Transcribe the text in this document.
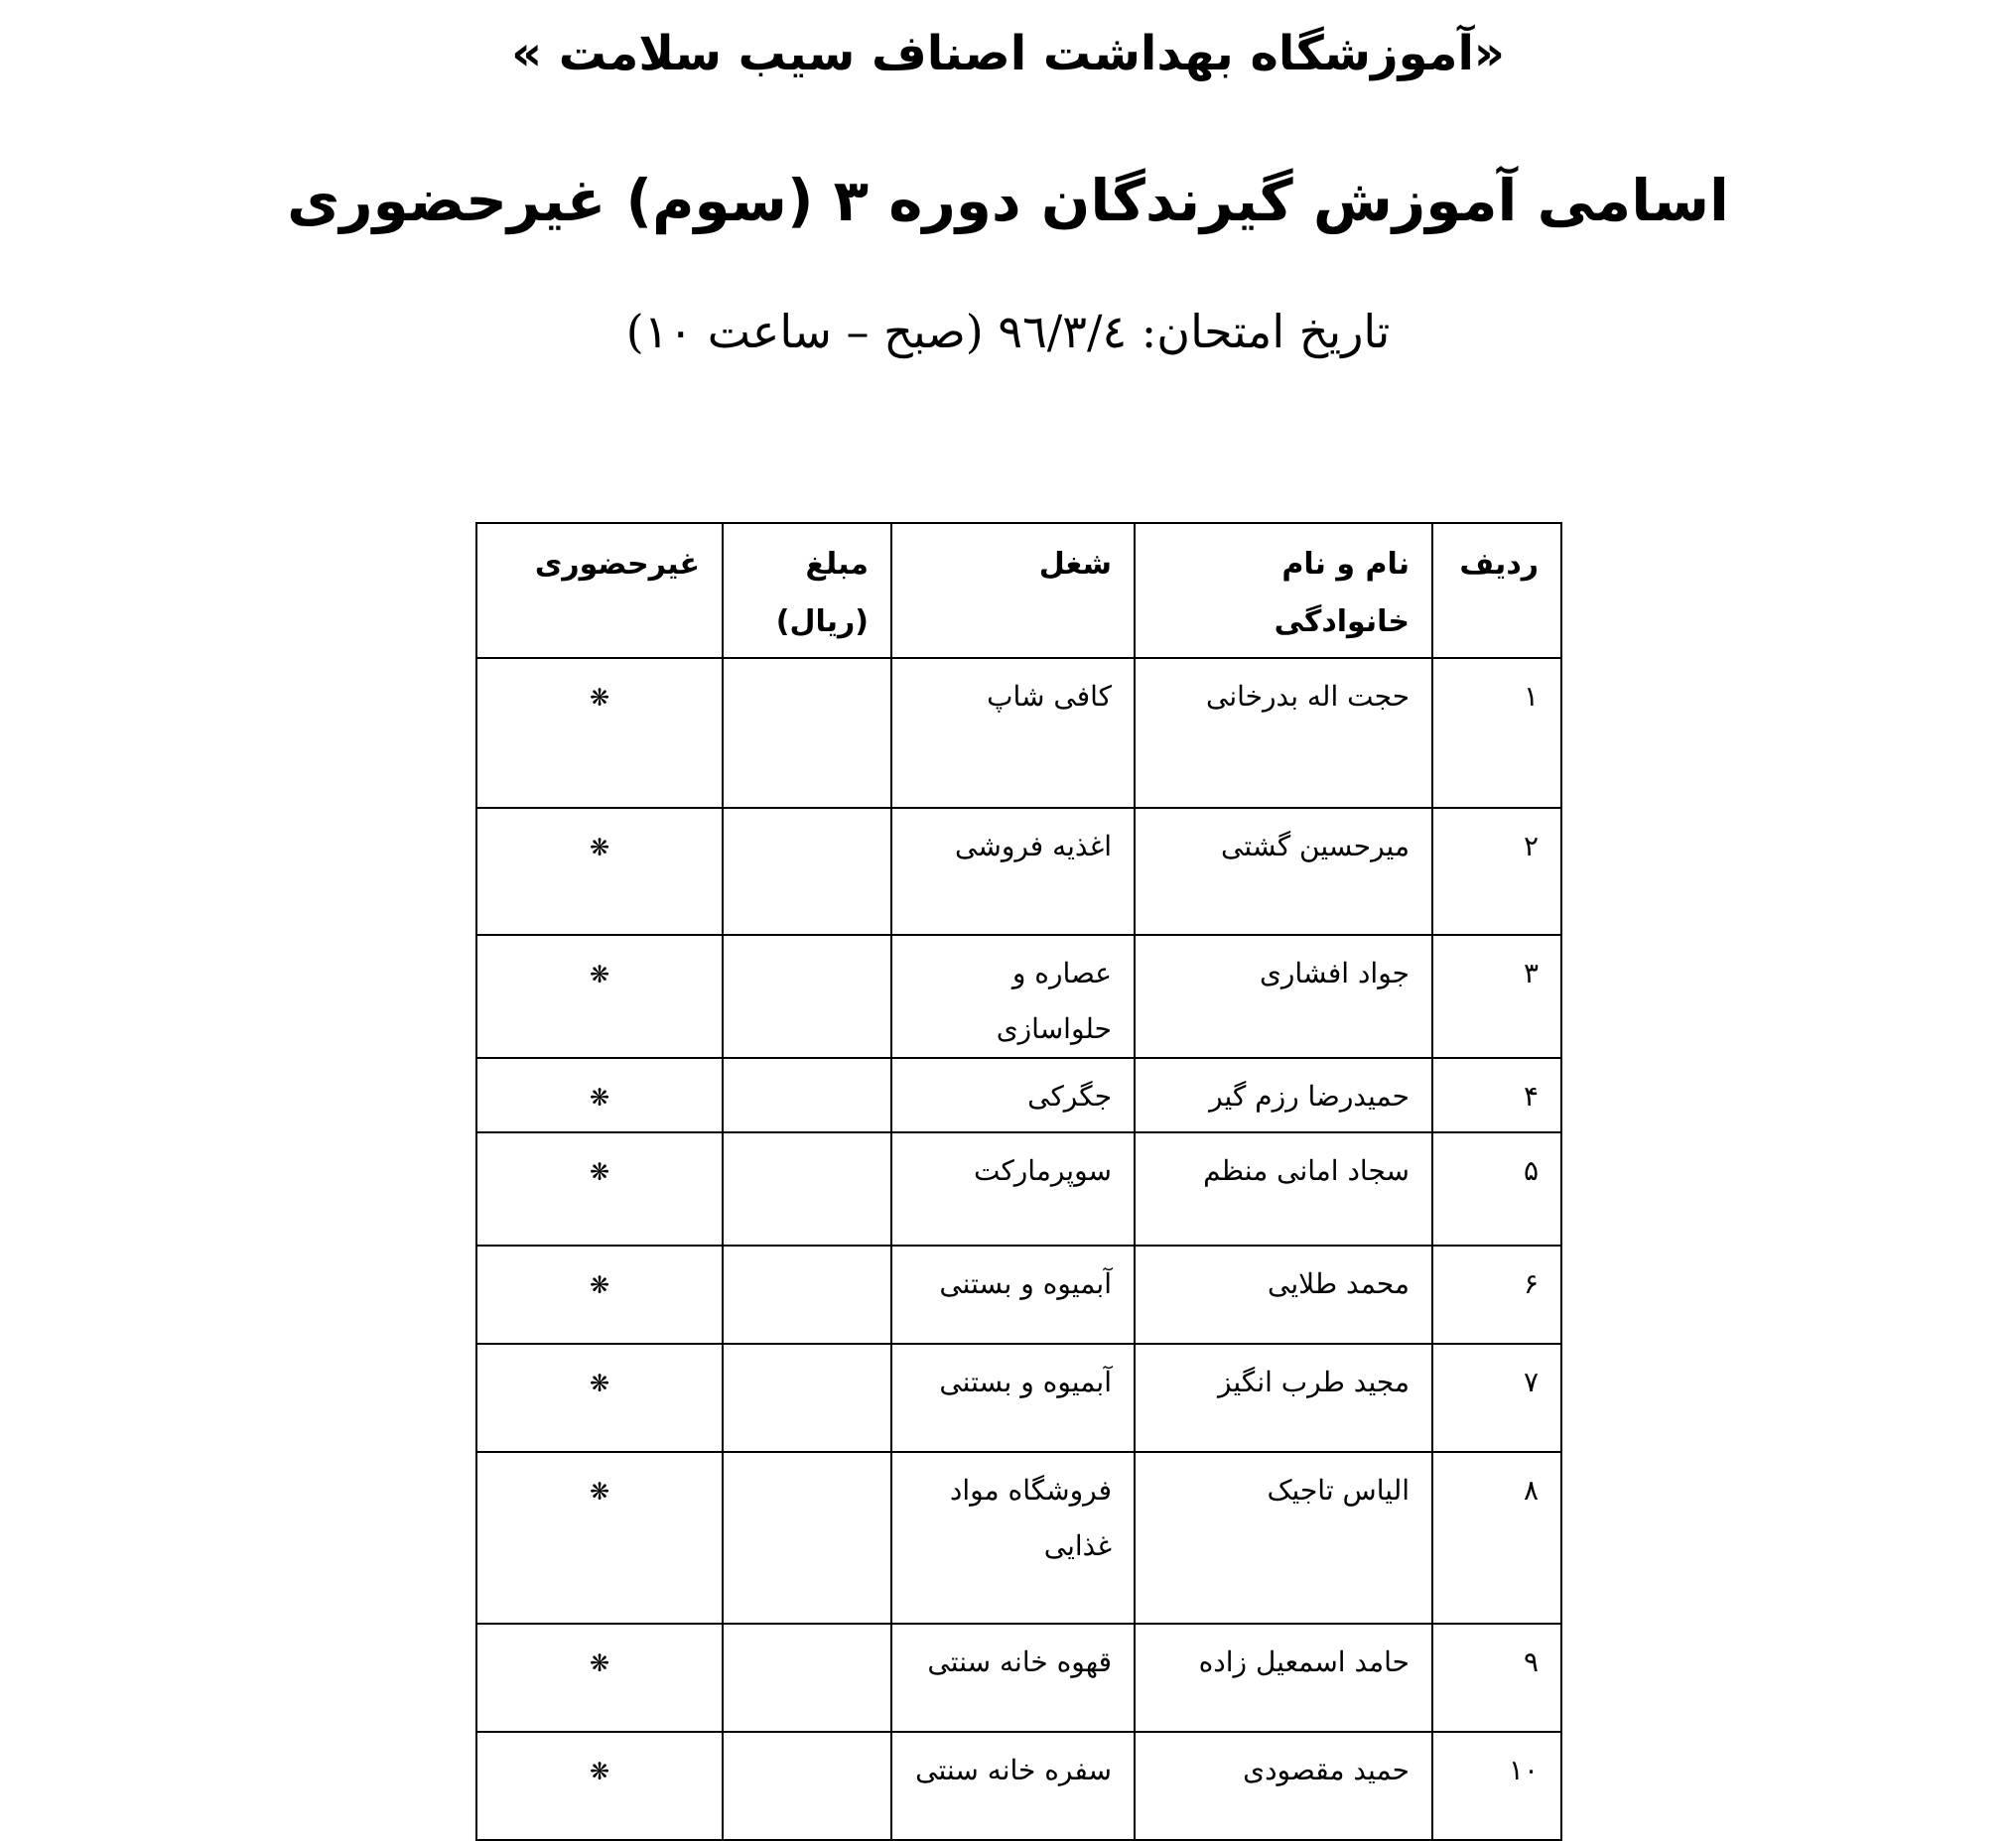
«آموزشگاه بهداشت اصناف سیب سلامت »
اسامی آموزش گیرندگان دوره ۳ (سوم) غیرحضوری
تاریخ امتحان: ۹٦/۳/٤ (صبح – ساعت ۱۰)
ردیف	نام و نام خانوادگی	شغل	مبلغ (ریال)	غیرحضوری
۱	حجت اله بدرخانی	کافی شاپ		❋
۲	میرحسین گشتی	اغذیه فروشی		❋
۳	جواد افشاری	عصاره و حلواسازی		❋
۴	حمیدرضا رزم گیر	جگرکی		❋
۵	سجاد امانی منظم	سوپرمارکت		❋
۶	محمد طلایی	آبمیوه و بستنی		❋
۷	مجید طرب انگیز	آبمیوه و بستنی		❋
۸	الیاس تاجیک	فروشگاه مواد غذایی		❋
۹	حامد اسمعیل زاده	قهوه خانه سنتی		❋
۱۰	حمید مقصودی	سفره خانه سنتی		❋
